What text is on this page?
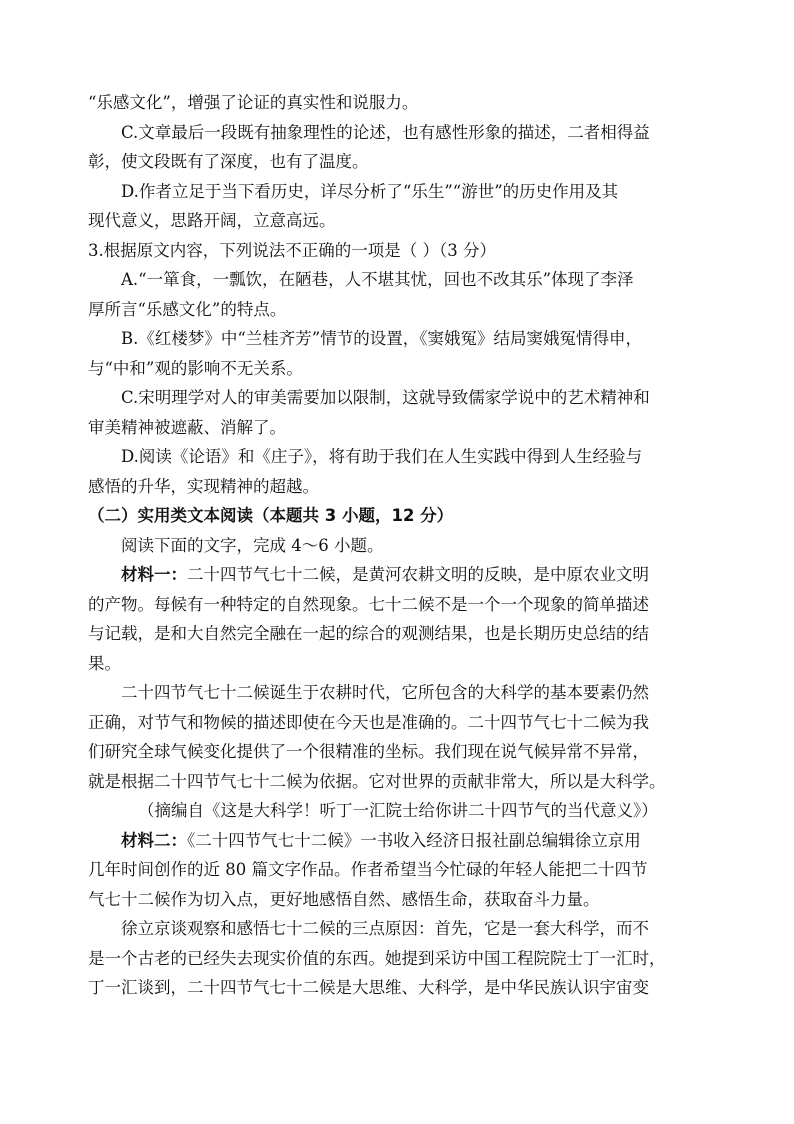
“乐感文化”，增强了论证的真实性和说服力。
C.文章最后一段既有抽象理性的论述，也有感性形象的描述，二者相得益
彰，使文段既有了深度，也有了温度。
D.作者立足于当下看历史，详尽分析了“乐生”“游世”的历史作用及其
现代意义，思路开阔，立意高远。
3.根据原文内容，下列说法不正确的一项是（ ）（3 分）
A.“一箪食，一瓢饮，在陋巷，人不堪其忧，回也不改其乐”体现了李泽
厚所言“乐感文化”的特点。
B.《红楼梦》中“兰桂齐芳”情节的设置，《窦娥冤》结局窦娥冤情得申，
与“中和”观的影响不无关系。
C.宋明理学对人的审美需要加以限制，这就导致儒家学说中的艺术精神和
审美精神被遮蔽、消解了。
D.阅读《论语》和《庄子》，将有助于我们在人生实践中得到人生经验与
感悟的升华，实现精神的超越。
（二）实用类文本阅读（本题共 3 小题，12 分）
阅读下面的文字，完成 4～6 小题。
材料一：二十四节气七十二候，是黄河农耕文明的反映，是中原农业文明
的产物。每候有一种特定的自然现象。七十二候不是一个一个现象的简单描述
与记载，是和大自然完全融在一起的综合的观测结果，也是长期历史总结的结
果。
二十四节气七十二候诞生于农耕时代，它所包含的大科学的基本要素仍然
正确，对节气和物候的描述即使在今天也是准确的。二十四节气七十二候为我
们研究全球气候变化提供了一个很精准的坐标。我们现在说气候异常不异常，
就是根据二十四节气七十二候为依据。它对世界的贡献非常大，所以是大科学。
（摘编自《这是大科学！听丁一汇院士给你讲二十四节气的当代意义》）
材料二：《二十四节气七十二候》一书收入经济日报社副总编辑徐立京用
几年时间创作的近 80 篇文字作品。作者希望当今忙碌的年轻人能把二十四节
气七十二候作为切入点，更好地感悟自然、感悟生命，获取奋斗力量。
徐立京谈观察和感悟七十二候的三点原因：首先，它是一套大科学，而不
是一个古老的已经失去现实价值的东西。她提到采访中国工程院院士丁一汇时，
丁一汇谈到，二十四节气七十二候是大思维、大科学，是中华民族认识宇宙变
